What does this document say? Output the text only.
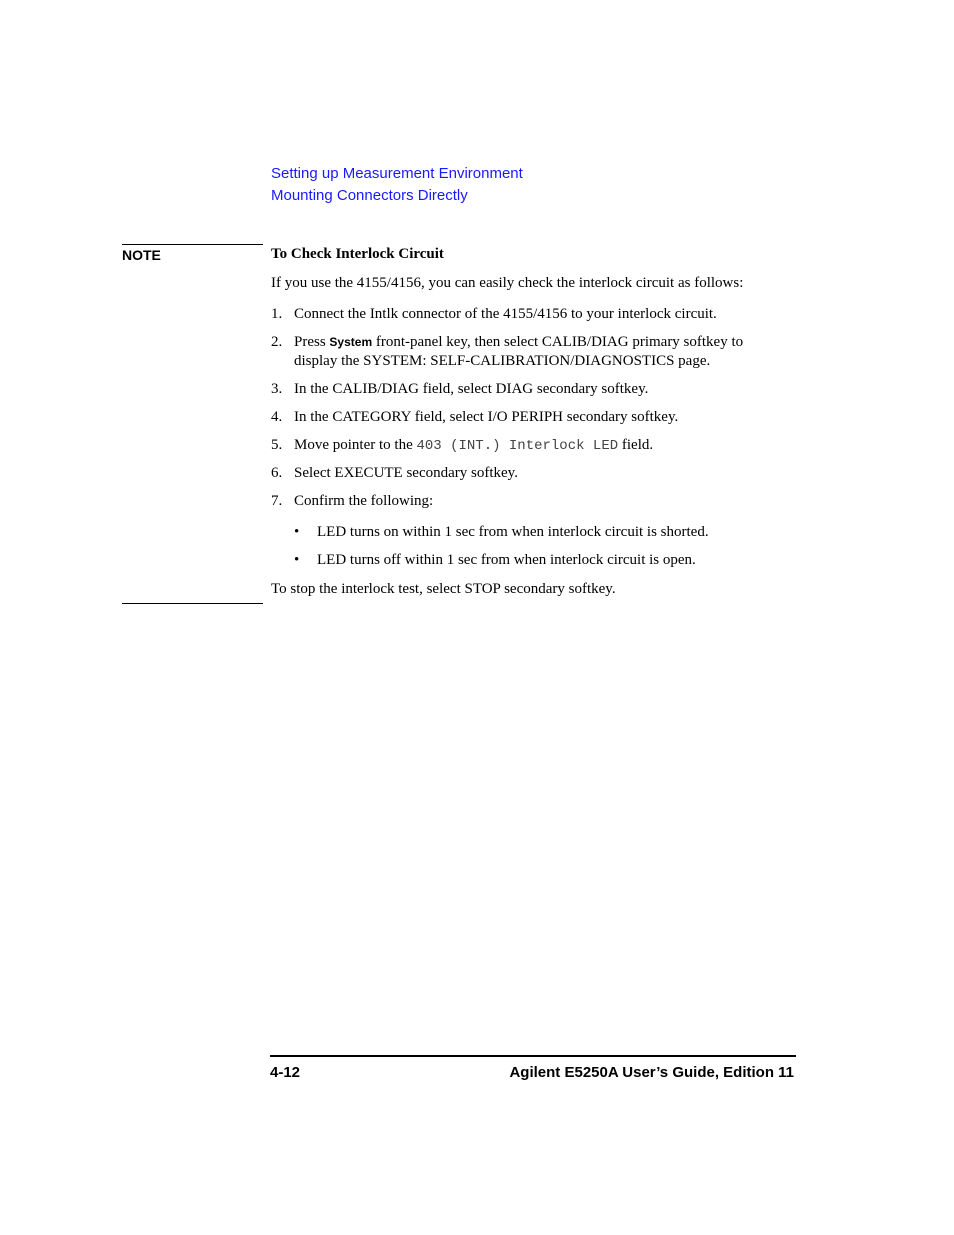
Setting up Measurement Environment
Mounting Connectors Directly
NOTE	To Check Interlock Circuit
If you use the 4155/4156, you can easily check the interlock circuit as follows:
1. Connect the Intlk connector of the 4155/4156 to your interlock circuit.
2. Press System front-panel key, then select CALIB/DIAG primary softkey to display the SYSTEM: SELF-CALIBRATION/DIAGNOSTICS page.
3. In the CALIB/DIAG field, select DIAG secondary softkey.
4. In the CATEGORY field, select I/O PERIPH secondary softkey.
5. Move pointer to the 403 (INT.) Interlock LED field.
6. Select EXECUTE secondary softkey.
7. Confirm the following:
• LED turns on within 1 sec from when interlock circuit is shorted.
• LED turns off within 1 sec from when interlock circuit is open.
To stop the interlock test, select STOP secondary softkey.
4-12	Agilent E5250A User’s Guide, Edition 11
